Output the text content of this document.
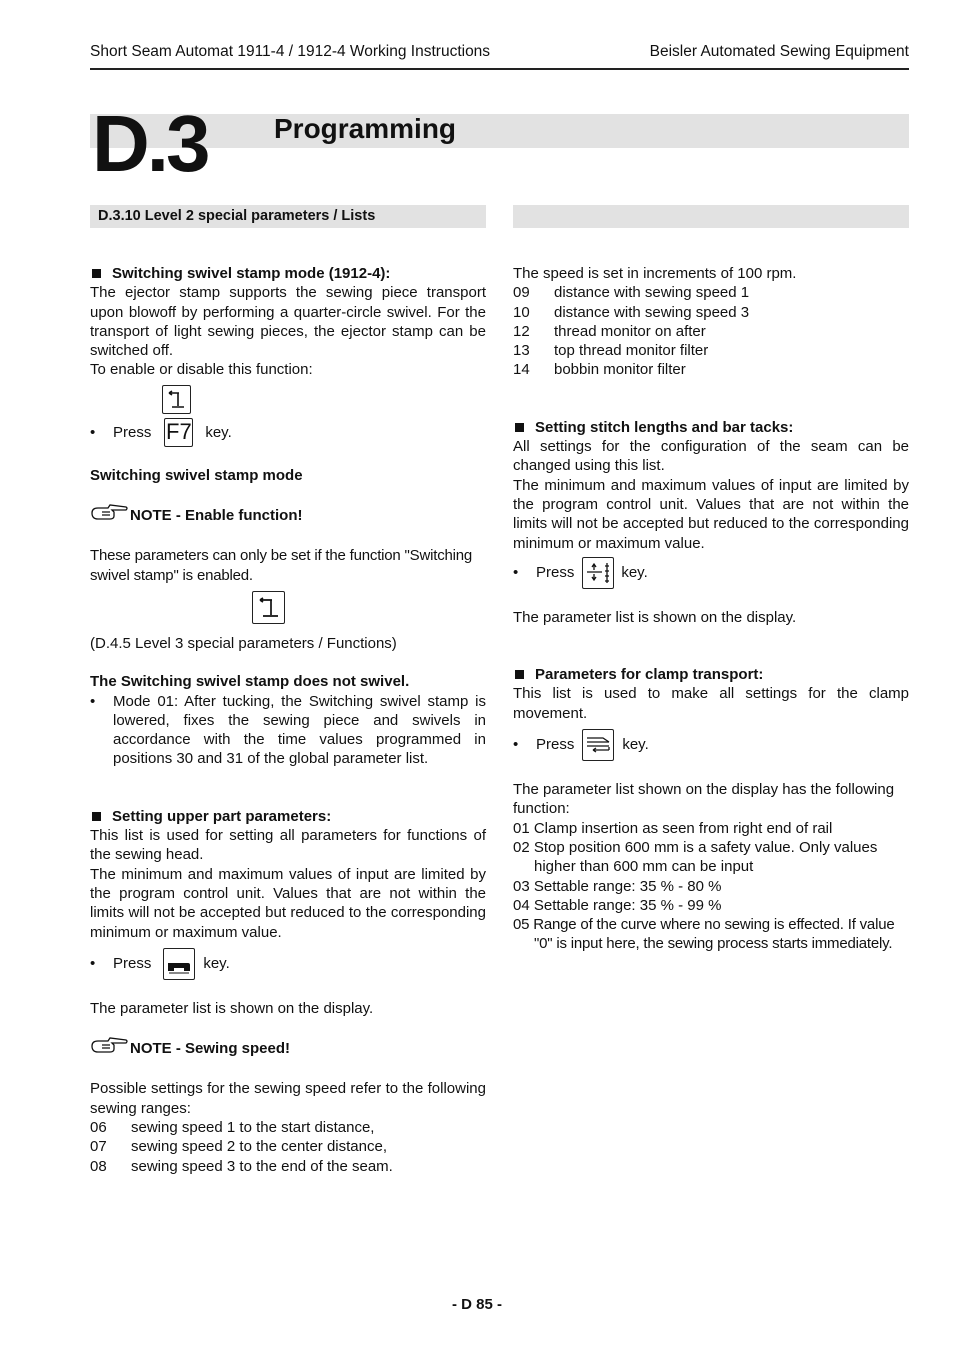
Short Seam Automat 1911-4 / 1912-4 Working Instructions	Beisler Automated Sewing Equipment
D.3 Programming
D.3.10 Level 2 special parameters / Lists

Switching swivel stamp mode (1912-4):

The ejector stamp supports the sewing piece transport upon blowoff by performing a quarter-circle swivel. For the transport of light sewing pieces, the ejector stamp can be switched off.

To enable or disable this function:

•	Press F7 key.

Switching swivel stamp mode

NOTE - Enable function!

These parameters can only be set if the function "Switching swivel stamp" is enabled.

(D.4.5 Level 3 special parameters / Functions)

The Switching swivel stamp does not swivel.

•	Mode 01: After tucking, the Switching swivel stamp is lowered, fixes the sewing piece and swivels in accordance with the time values programmed in positions 30 and 31 of the global parameter list.

Setting upper part parameters:

This list is used for setting all parameters for functions of the sewing head.

The minimum and maximum values of input are limited by the program control unit. Values that are not within the limits will not be accepted but reduced to the corresponding minimum or maximum value.

•	Press	key.

The parameter list is shown on the display.

NOTE - Sewing speed!

Possible settings for the sewing speed refer to the following sewing ranges:

06	sewing speed 1 to the start distance,
07	sewing speed 2 to the center distance,
08	sewing speed 3 to the end of the seam.

The speed is set in increments of 100 rpm.

09	distance with sewing speed 1
10	distance with sewing speed 3
12	thread monitor on after
13	top thread monitor filter
14	bobbin monitor filter

Setting stitch lengths and bar tacks:

All settings for the configuration of the seam can be changed using this list.

The minimum and maximum values of input are limited by the program control unit. Values that are not within the limits will not be accepted but reduced to the corresponding minimum or maximum value.

•	Press	key.

The parameter list is shown on the display.

Parameters for clamp transport:

This list is used to make all settings for the clamp movement.

•	Press	key.

The parameter list shown on the display has the following function:

01 Clamp insertion as seen from right end of rail

02 Stop position 600 mm is a safety value. Only values higher than 600 mm can be input

03 Settable range: 35 % - 80 %

04 Settable range: 35 % - 99 %

05 Range of the curve where no sewing is effected. If value "0" is input here, the sewing process starts immediately.

- D 85 -
